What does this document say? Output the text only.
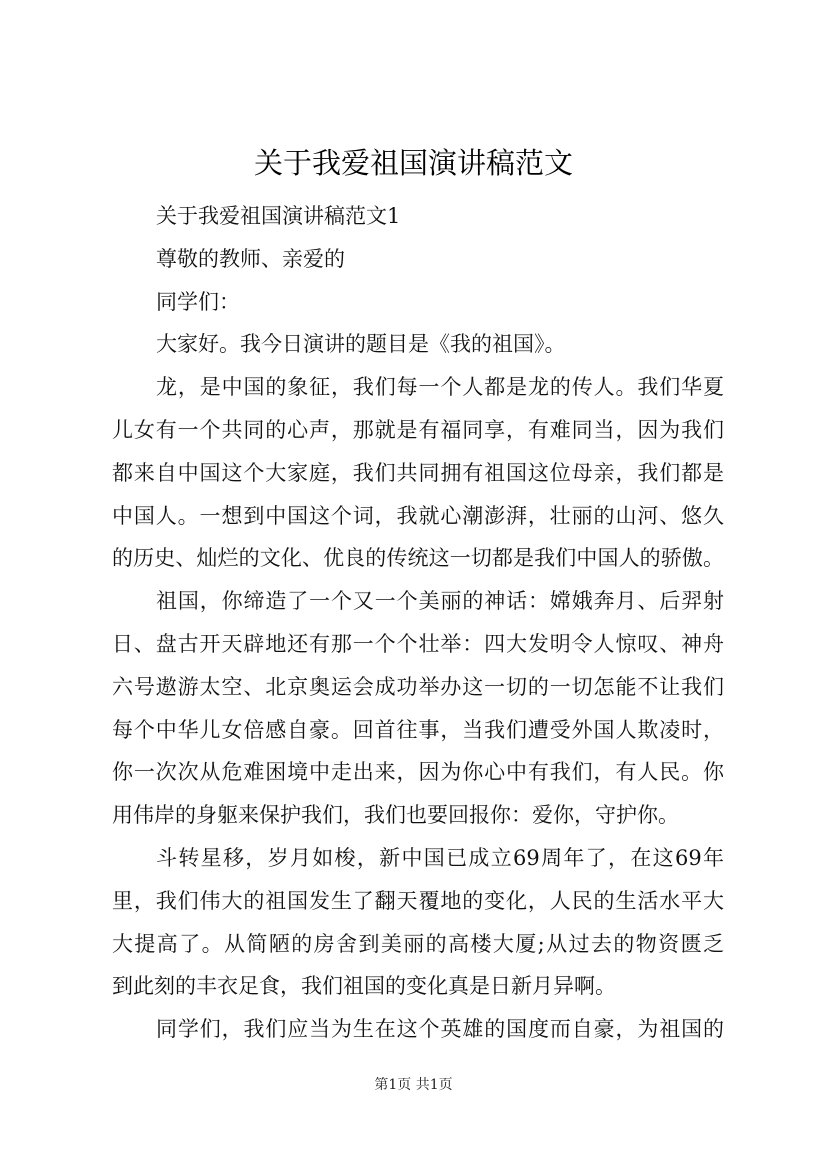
关于我爱祖国演讲稿范文
关于我爱祖国演讲稿范文1
尊敬的教师、亲爱的
同学们：
大家好。我今日演讲的题目是《我的祖国》。
龙，是中国的象征，我们每一个人都是龙的传人。我们华夏
儿女有一个共同的心声，那就是有福同享，有难同当，因为我们
都来自中国这个大家庭，我们共同拥有祖国这位母亲，我们都是
中国人。一想到中国这个词，我就心潮澎湃，壮丽的山河、悠久
的历史、灿烂的文化、优良的传统这一切都是我们中国人的骄傲。
祖国，你缔造了一个又一个美丽的神话：嫦娥奔月、后羿射
日、盘古开天辟地还有那一个个壮举：四大发明令人惊叹、神舟
六号遨游太空、北京奥运会成功举办这一切的一切怎能不让我们
每个中华儿女倍感自豪。回首往事，当我们遭受外国人欺凌时，
你一次次从危难困境中走出来，因为你心中有我们，有人民。你
用伟岸的身躯来保护我们，我们也要回报你：爱你，守护你。
斗转星移，岁月如梭，新中国已成立69周年了，在这69年
里，我们伟大的祖国发生了翻天覆地的变化，人民的生活水平大
大提高了。从简陋的房舍到美丽的高楼大厦;从过去的物资匮乏
到此刻的丰衣足食，我们祖国的变化真是日新月异啊。
同学们，我们应当为生在这个英雄的国度而自豪，为祖国的
第1页 共1页
